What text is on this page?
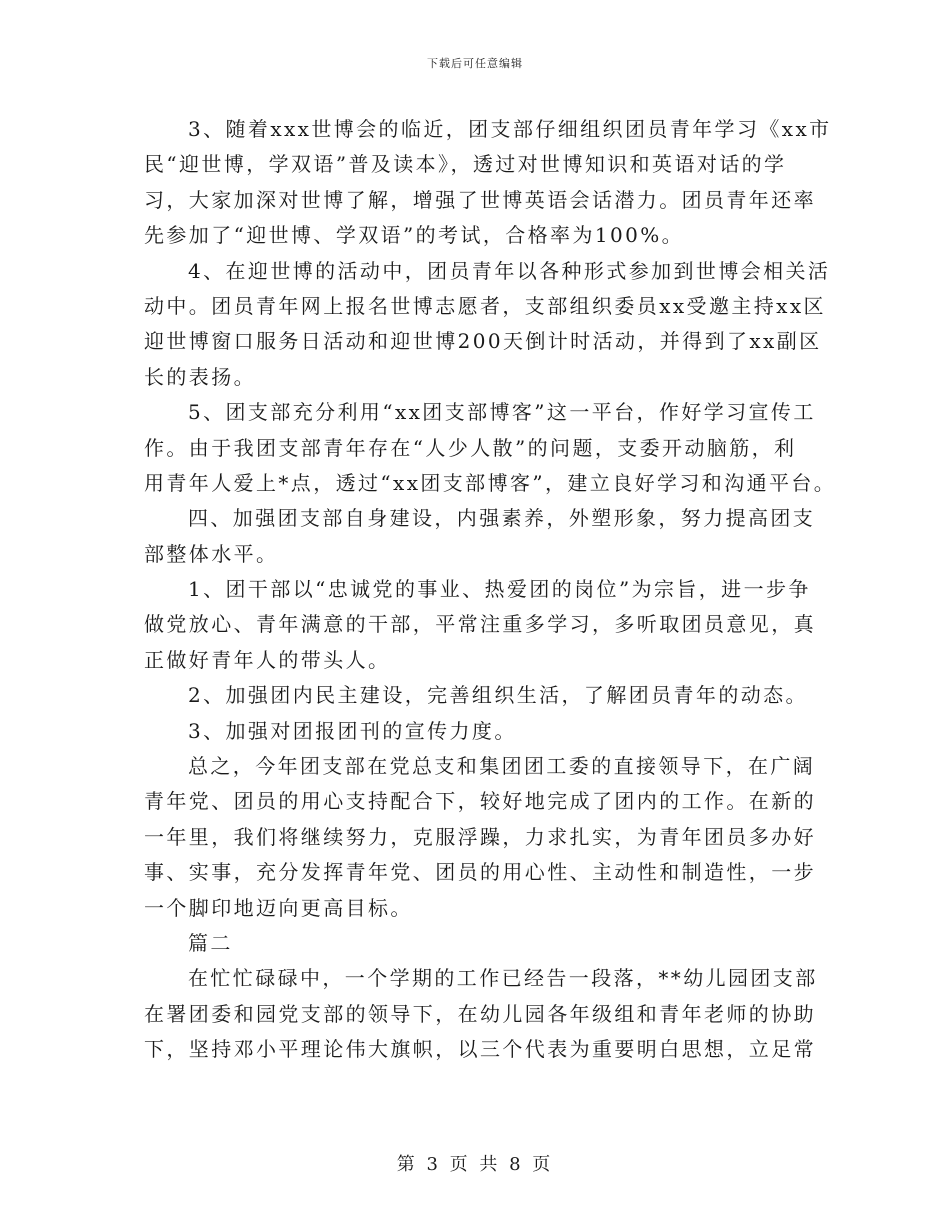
下载后可任意编辑
3、随着xxx世博会的临近，团支部仔细组织团员青年学习《xx市
民“迎世博，学双语”普及读本》，透过对世博知识和英语对话的学
习，大家加深对世博了解，增强了世博英语会话潜力。团员青年还率
先参加了“迎世博、学双语”的考试，合格率为100%。
4、在迎世博的活动中，团员青年以各种形式参加到世博会相关活
动中。团员青年网上报名世博志愿者，支部组织委员xx受邀主持xx区
迎世博窗口服务日活动和迎世博200天倒计时活动，并得到了xx副区
长的表扬。
5、团支部充分利用“xx团支部博客”这一平台，作好学习宣传工
作。由于我团支部青年存在“人少人散”的问题，支委开动脑筋，利
用青年人爱上*点，透过“xx团支部博客”，建立良好学习和沟通平台。
四、加强团支部自身建设，内强素养，外塑形象，努力提高团支
部整体水平。
1、团干部以“忠诚党的事业、热爱团的岗位”为宗旨，进一步争
做党放心、青年满意的干部，平常注重多学习，多听取团员意见，真
正做好青年人的带头人。
2、加强团内民主建设，完善组织生活，了解团员青年的动态。
3、加强对团报团刊的宣传力度。
总之，今年团支部在党总支和集团团工委的直接领导下，在广阔
青年党、团员的用心支持配合下，较好地完成了团内的工作。在新的
一年里，我们将继续努力，克服浮躁，力求扎实，为青年团员多办好
事、实事，充分发挥青年党、团员的用心性、主动性和制造性，一步
一个脚印地迈向更高目标。
篇二
在忙忙碌碌中，一个学期的工作已经告一段落，**幼儿园团支部
在署团委和园党支部的领导下，在幼儿园各年级组和青年老师的协助
下，坚持邓小平理论伟大旗帜，以三个代表为重要明白思想，立足常
第 3 页 共 8 页
